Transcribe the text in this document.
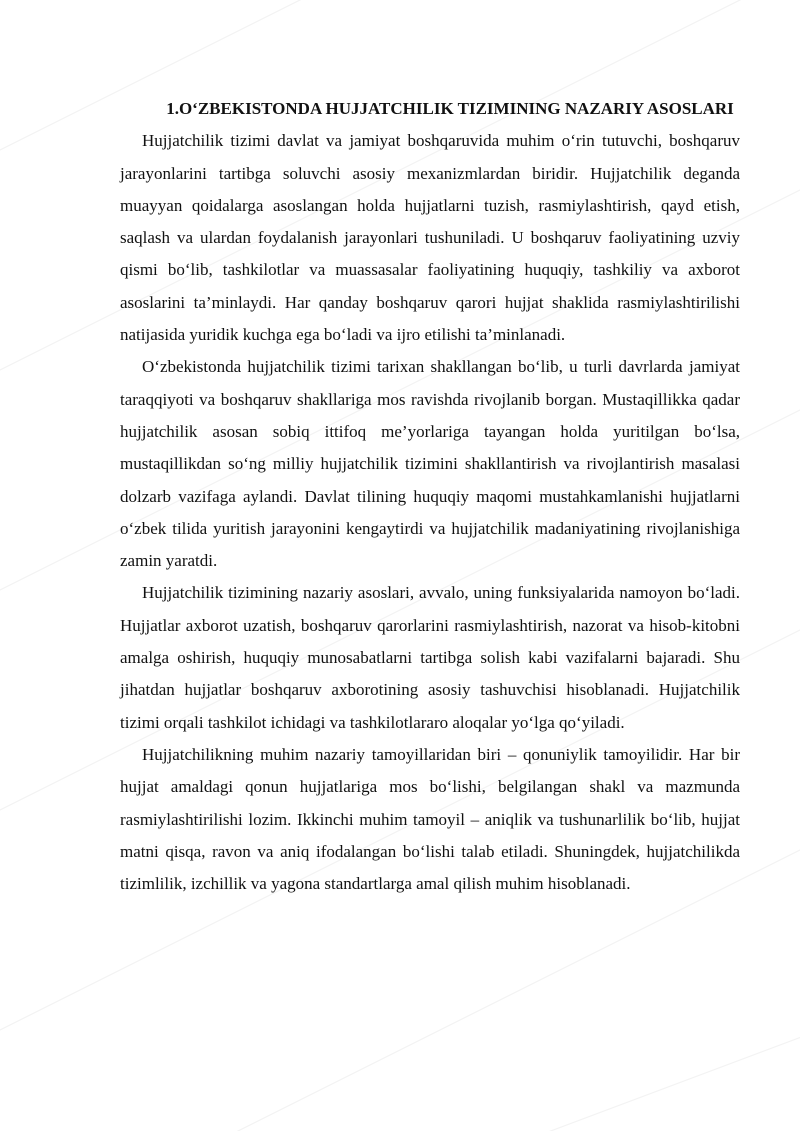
1.O‘ZBEKISTONDA HUJJATCHILIK TIZIMINING NAZARIY ASOSLARI

Hujjatchilik tizimi davlat va jamiyat boshqaruvida muhim o‘rin tutuvchi, boshqaruv jarayonlarini tartibga soluvchi asosiy mexanizmlardan biridir. Hujjatchilik deganda muayyan qoidalarga asoslangan holda hujjatlarni tuzish, rasmiylashtirish, qayd etish, saqlash va ulardan foydalanish jarayonlari tushuniladi. U boshqaruv faoliyatining uzviy qismi bo‘lib, tashkilotlar va muassasalar faoliyatining huquqiy, tashkiliy va axborot asoslarini ta’minlaydi. Har qanday boshqaruv qarori hujjat shaklida rasmiylashtirilishi natijasida yuridik kuchga ega bo‘ladi va ijro etilishi ta’minlanadi.

O‘zbekistonda hujjatchilik tizimi tarixan shakllangan bo‘lib, u turli davrlarda jamiyat taraqqiyoti va boshqaruv shakllariga mos ravishda rivojlanib borgan. Mustaqillikka qadar hujjatchilik asosan sobiq ittifoq me’yorlariga tayangan holda yuritilgan bo‘lsa, mustaqillikdan so‘ng milliy hujjatchilik tizimini shakllantirish va rivojlantirish masalasi dolzarb vazifaga aylandi. Davlat tilining huquqiy maqomi mustahkamlanishi hujjatlarni o‘zbek tilida yuritish jarayonini kengaytirdi va hujjatchilik madaniyatining rivojlanishiga zamin yaratdi.

Hujjatchilik tizimining nazariy asoslari, avvalo, uning funksiyalarida namoyon bo‘ladi. Hujjatlar axborot uzatish, boshqaruv qarorlarini rasmiylashtirish, nazorat va hisob-kitobni amalga oshirish, huquqiy munosabatlarni tartibga solish kabi vazifalarni bajaradi. Shu jihatdan hujjatlar boshqaruv axborotining asosiy tashuvchisi hisoblanadi. Hujjatchilik tizimi orqali tashkilot ichidagi va tashkilotlararo aloqalar yo‘lga qo‘yiladi.

Hujjatchilikning muhim nazariy tamoyillaridan biri – qonuniylik tamoyilidir. Har bir hujjat amaldagi qonun hujjatlariga mos bo‘lishi, belgilangan shakl va mazmunda rasmiylashtirilishi lozim. Ikkinchi muhim tamoyil – aniqlik va tushunarlilik bo‘lib, hujjat matni qisqa, ravon va aniq ifodalangan bo‘lishi talab etiladi. Shuningdek, hujjatchilikda tizimlilik, izchillik va yagona standartlarga amal qilish muhim hisoblanadi.
